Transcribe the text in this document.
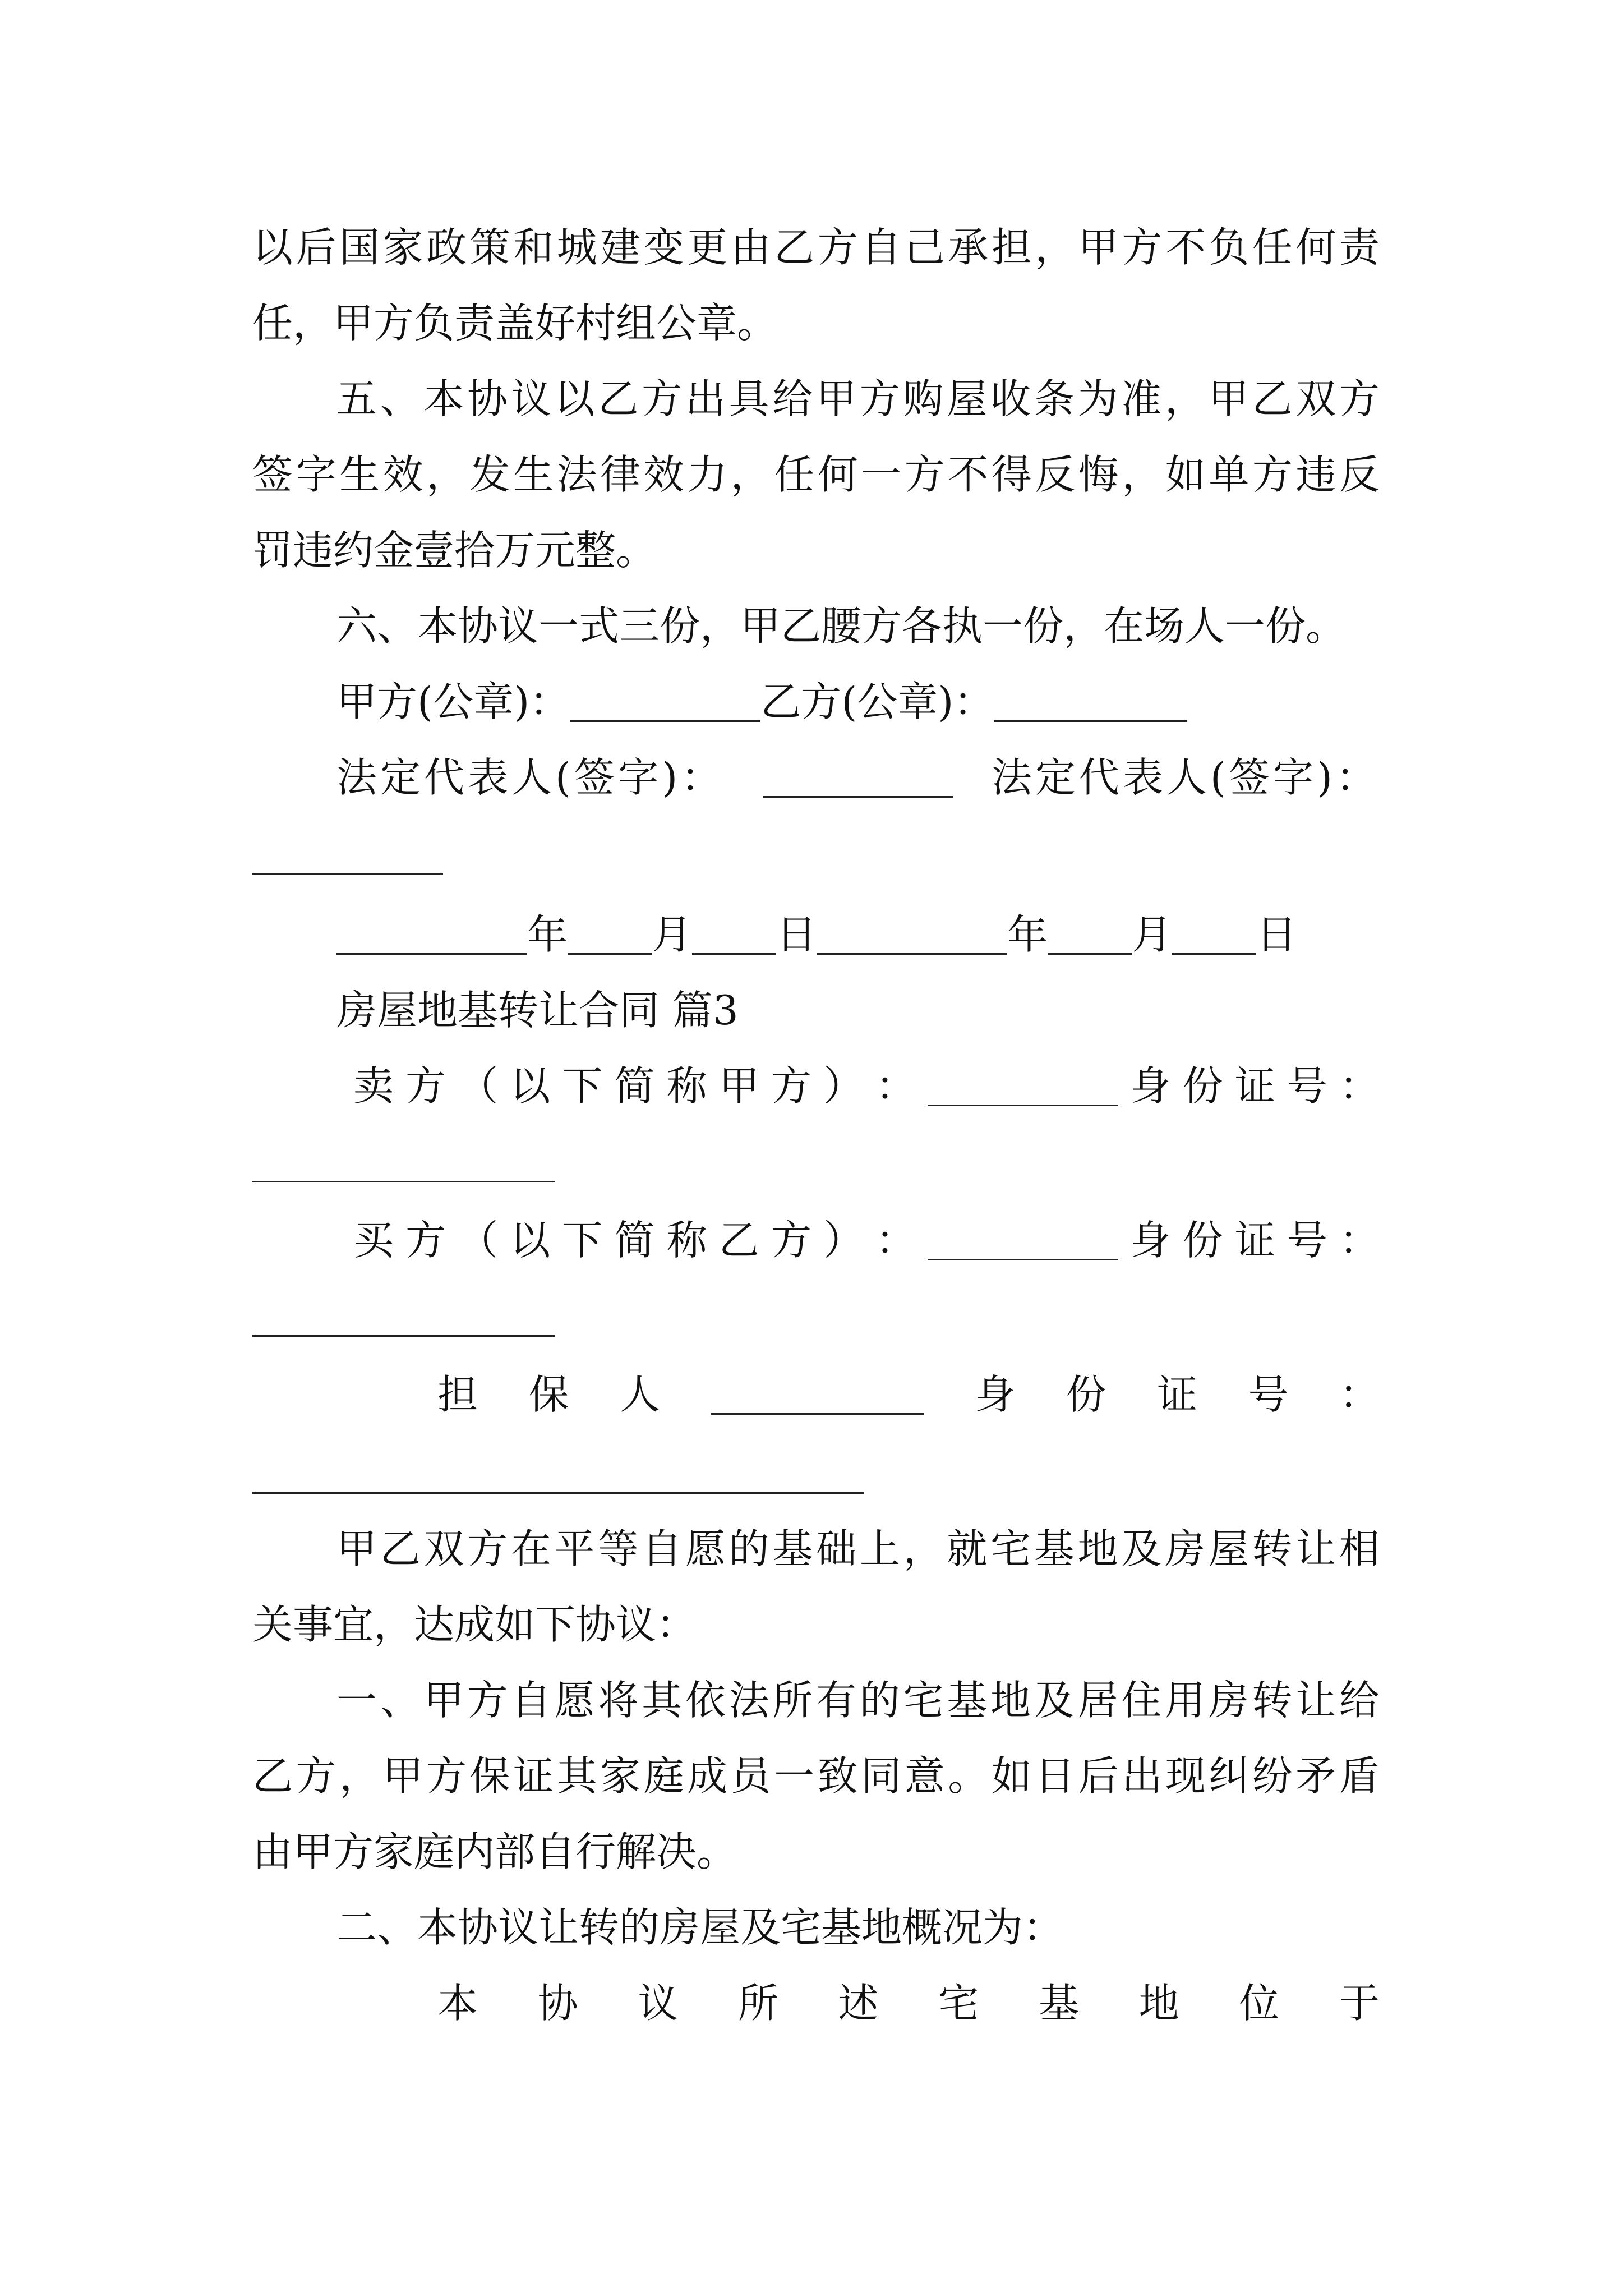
以 后 国 家 政 策 和 城 建 变 更 由 乙 方 自 己 承 担 ， 甲 方 不 负 任 何 责
任，甲方负责盖好村组公章。
五 、 本 协 议 以 乙 方 出 具 给 甲 方 购 屋 收 条 为 准 ， 甲 乙 双 方
签 字 生 效 ， 发 生 法 律 效 力 ， 任 何 一 方 不 得 反 悔 ， 如 单 方 违 反
罚违约金壹拾万元整。
六、本协议一式三份，甲乙腰方各执一份，在场人一份。
甲方(公章)：	乙方(公章)：
法定代表人(签字)：	法定代表人(签字)：
年 月 日	年 月 日
房屋地基转让合同 篇3
卖 方 （ 以 下 简 称 甲 方 ） ：	身 份 证 号 ：
买 方 （ 以 下 简 称 乙 方 ） ：	身 份 证 号 ：
担 保 人	身 份 证 号 ：
甲 乙 双 方 在 平 等 自 愿 的 基 础 上 ， 就 宅 基 地 及 房 屋 转 让 相
关事宜，达成如下协议：
一 、 甲 方 自 愿 将 其 依 法 所 有 的 宅 基 地 及 居 住 用 房 转 让 给
乙 方 ， 甲 方 保 证 其 家 庭 成 员 一 致 同 意 。 如 日 后 出 现 纠 纷 矛 盾
由甲方家庭内部自行解决。
二、本协议让转的房屋及宅基地概况为：
本 协 议 所 述 宅 基 地 位 于
